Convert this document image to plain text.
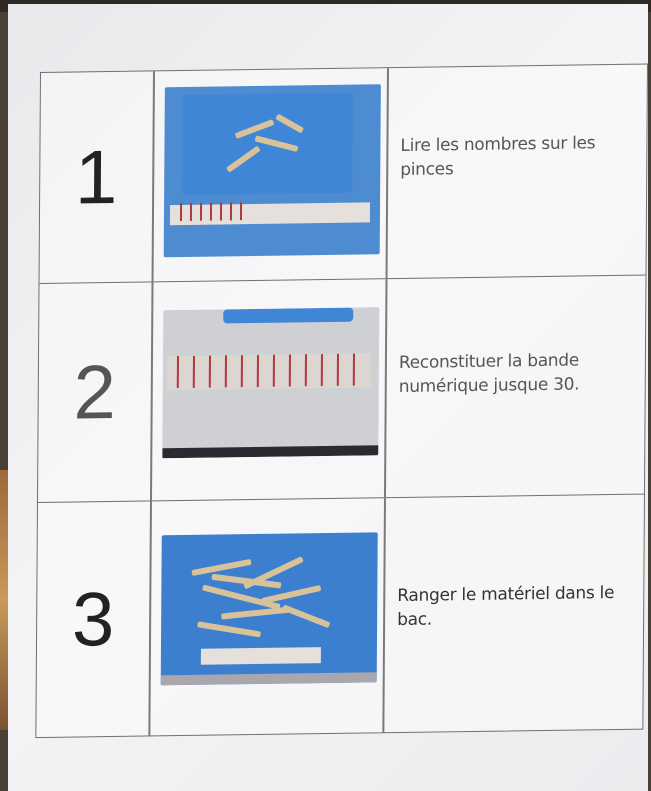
1	Lire les nombres sur les pinces
2	Reconstituer la bande numérique jusque 30.
3	Ranger le matériel dans le bac.
